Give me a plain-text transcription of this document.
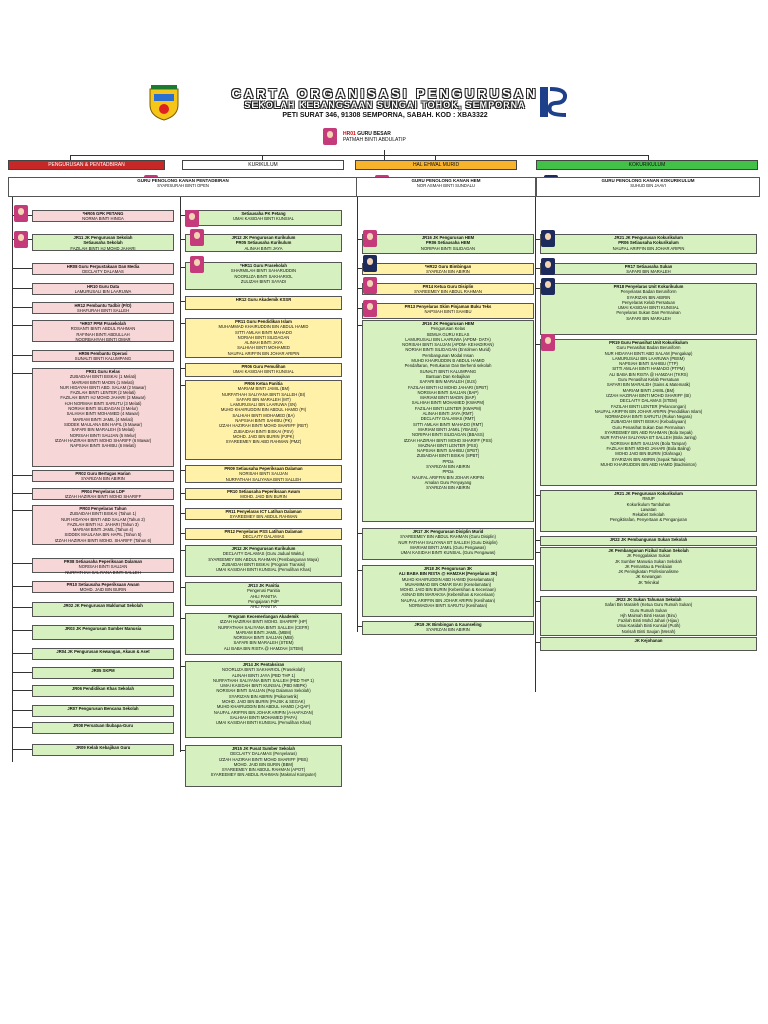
CARTA ORGANISASI PENGURUSAN
SEKOLAH KEBANGSAAN SUNGAI TOHOK, SEMPORNA
PETI SURAT 346, 91308 SEMPORNA, SABAH. KOD : XBA3322
HR01 GURU BESAR
PATMAH BINTI ABDULATIP
PENGURUSAN & PENTADBIRAN	KURIKULUM	HAL EHWAL MURID	KOKURIKULUM
GURU PENOLONG KANAN PENTADBIRAN
SYARISURAH BINTI OPEN
GURU PENOLONG KANAN HEM
NOR ASMAH BINTI SUNDALU
GURU PENOLONG KANAN KOKURIKULUM
SUHUD BIN JAAVI
*HR05 GPK PETANG
NORMA BINTI HINGA
JR11 JK Pengurusan Sekolah
Setiausaha Sekolah
FAZILAH BINTI HJ MOHD JAHARI
HR08 Guru Perpustakaan Dan Media
DECLAITY DALAMAS
HR10 Guru Data
LAMURUSALI BIN LAARUWA
HR12 Pembantu Tadbir (P/O)
SHAFURAH BINTI SALLEH
*HR07 PPM Prasekolah
ROSANTI BINTI ABDUL RAHMAN
RAFINAH BINTI ABDULLAH
NOORBAHYAH BINTI OMAR
HR06 Pembantu Operasi
SUNALTI BINTI KALUMPANG
PR01 Guru Kelas
ZUBAIDAH BINTI BISKAI (1 Melati)
MARIAM BINTI MADIN (1 Melati)
NUR HIDAYAH BINTI ABD. SALAM (2 Mawar)
FAZILAH BINTI LENTER (2 Melati)
FAZILAH BINTI HJ MOHD JAHARI (3 Mawar)
HJH NORMAH BINTI SARUTU (3 Melati)
NORIAH BINTI SILIDAGAN (3 Melur)
SALHIAH BINTI MOHAMED (4 Mawar)
MARIAM BINTI JAMIL (4 Melati)
SIDDEK MAULANA BIN HAPIL (5 Mawar)
SAFARI BIN MARALEH (5 Melati)
NORISAH BINTI SAUJAN (5 Melur)
IZZAH HAZIRAH BINTI MOHD SHARIFF (6 Mawar)
NAPSIAH BINTI SAHIBU (6 Melati)
PR02 Guru Bertugas Harian
SYARIZAN BIN ABIRIN
PR04 Penyelaras LDP
IZZAH HAZIRAH BINTI MOHD SHARIFF
PR03 Penyelaras Tahun
ZUBAIDAH BINTI BISKAI (Tahun 1)
NUR HIDAYAH BINTI ABD SALAM (Tahun 2)
FAZILAH BINTI HJ. JAHARI (Tahun 3)
MARIAM BINTI JAMIL (Tahun 4)
SIDDEK MAULANA BIN HAPIL (Tahun 5)
IZZAH HAZIRAH BINTI MOHD. SHARIFF (Tahun 6)
PR08 Setiausaha Peperiksaan Dalaman
NORISAH BINTI SAUJAN
NURFATHAH SALIYANA BINTI SALLEH
PR10 Setiausaha Peperiksaan Awam
MOHD. JAID BIN BURIN
JR02 JK Pengurusan Maklumat Sekolah
JR03 JK Pengurusan Sumber Manusia
JR04 JK Pengurusan Kewangan, Akaun & Aset
JR05 SKPM
JR06 Pendidikan Khas Sekolah
JR07 Pengurusan Bencana Sekolah
JR08 Persatuan Ibubapa-Guru
JR09 Kelab Kebajikan Guru
Setiausaha PK Petang
UMAI KASIDAH BINTI KUNSIAL
JR12 JK Pengurusan Kurikulum
PR05 Setiausaha Kurikulum
ALINAH BINTI JAYA
*HR11 Guru Prasekolah
SHARMILAH BINTI SAHARUDDIN
NOORLIZA BINTI SAKHARIOL
ZULIZAH BINTI SAYADI
HR12 Guru Akademik KSSR
PR11 Guru Pendidikan Islam
MUHAMMAD KHAIRUDDIN BIN ABDUL HAMID
SITTI AMLAH BINTI MAHADO
NORIAH BINTI SILIDAGAN
ALINAH BINTI JAYA
SALHIAH BINTI MOHAMED
NAUFAL ARIFFIN BIN JOHAR ARIPIN
PR06 Guru Pemulihan
UMAI KASIDAH BINTI KUNSIAL
PR06 Ketua Panitia
MARIAM BINTI JAMIL (BM)
NURFATHAH SALIYANA BINTI SALLEH (BI)
SAFARI BIN MARALEH (MT)
LAMURUSALI BIN LAARUWA (SN)
MUHD KHAIRUDDIN BIN ABDUL HAMID (PI)
SALHIAH BINTI MOHAMED (BA)
NAPSIAH BINTI SAHIBU (PK)
IZZAH HAZIRAH BINTI MOHD SHARIFF (RBT)
ZUBAIDAH BINTI BISKAI (PSV)
MOHD. JAID BIN BURIN (PJPK)
SYAREEMEY BIN ABD RAHMAN (PMZ)
PR09 Setiausaha Peperiksaan Dalaman
NORISAH BINTI SAUJAN
NURFATHAH SALIYANA BINTI SALLEH
PR10 Setiausaha Peperiksaan Awam
MOHD. JAID BIN BURIN
PR11 Penyelaras ICT Latihan Dalaman
SYAREEMEY BIN ABDUL RAHMAN
PR12 Penyelaras PSS Latihan Dalaman
DECLAITY DALAMAS
JR12 JK Pengurusan Kurikulum
DECLAITY DALAMAS (Guru Jadual Waktu)
SYAREEMEY BIN ABDUL RAHMAN (Pembangunan Maya)
ZUBAIDAH BINTI BISKAI (Program Transisi)
UMAI KASIDAH BINTI KUNSIAL (Pemulihan Khas)
JR13 JK Panitia
Pengerusi Panitia
AHLI PANITIA
Pengajaran PdP
AHLI PANITIA
Program Kecemerlangan Akademik
IZZAH HAZIRAH BINTI MOHD. SHARIFF (HP)
NURFATHAH SALIYANA BINTI SALLEH (CEFR)
MARIAM BINTI JAMIL (MBM)
NORISAH BINTI SAUJAN (MBI)
SAFARI BIN MARALEH (STEM)
ALI BABA BIN RISTA @ HAMZAH (STEM)
JR14 JK Pentaksiran
NOORLIZA BINTI SAKHARIOL (Prasekolah)
ALINAH BINTI JAYA (PBD THP 1)
NURFATHAH SALIYANA BINTI SALLEH (PBD THP 1)
UMAI KASIDAH BINTI KUNSIAL (PBD MBPK)
NORISAH BINTI SAUJAN (Pep Dalaman Sekolah)
SYARIZAN BIN ABIRIN (Psikometrik)
MOHD. JAID BIN BURIN (PAJSK & SEGAK)
MUHD KHAIRUDDIN BIN ABDUL HAMID (J-QAF)
NAUFAL ARIFFIN BIN JOHAR ARIPIN (A-HAFAZAN)
SALHIAH BINTI MOHAMED (PAFA)
UMAI KASIDAH BINTI KUNSIAL (Pemulihan Khas)
JR15 JK Pusat Sumber Sekolah
DECLAITY DALAMAS (Penyelaras)
IZZAH HAZIRAH BINTI MOHD SHARIFF (PBS)
MOHD. JAID BIN BURIN (BBM)
SYAREEMEY BIN ABDUL RAHMAN (APOT)
SYAREEMEY BIN ABDUL RAHMAN (Makmal Komputer)
JR16 JK Pengurusan HEM
PR06 Setiausaha HEM
NORIPAH BINTI SILIDAGAN
*HR22 Guru Bimbingan
SYARIZAN BIN ABIRIN
PR14 Ketua Guru Disiplin
SYAREEMEY BIN ABDUL RAHMAN
PR13 Penyelaras Skim Pinjaman Buku Teks
NAPSIAH BINTI SAHIBU
JR16 JK Pengurusan HEM
Pengurusan Kelas
SEMUA GURU KELAS
LAMURUSALI BIN LAARUWA (APDM- DATA)
NORISAH BINTI SAUJAN (APDM- KEHADIRAN)
NORIAH BINTI SILIDAGAN (Enrolmen Murid)
Pembangunan Modal Insan
MUHD KHAIRUDDIN B ABDUL HAMID
Pendaftaran, Pertukaran Dan Berhenti sekolah
SUNALTI BINTI KALUMPANG
Bantuan Dan Kebajikan
SAFARI BIN MARALEH (SUS)
FAZILAH BINTI HJ MOHD JAHARI (SPBT)
NORISAH BINTI SAUJAN (BAP)
MARIAM BINTI MADIN (BAP)
SALHIAH BINTI MOHAMED (KWAPM)
FAZILAH BINTI LENTER (KWAPM)
ALINAH BINTI JAYA (RMT)
DECLAITY DALAMAS (RMT)
SITTI AMLAH BINTI MAHADO (RMT)
MARIAM BINTI JAMIL (YBASS)
NORIPAH BINTI SILIDAGAN (BBASS)
IZZAH HAZIRAH BINTI MOHD SHARIFF (PSS)
MAZNAH BINTI LENTER (PSS)
NAPSIAH BINTI SAHIBU (SPBT)
ZUBAIDAH BINTI BISKAI (SPBT)
PPDa
SYARIZAN BIN ABIRIN
PPDa
NAUFAL ARIFFIN BIN JOHAR ARIPIN
Amalan Guru Penyayang
SYARIZAN BIN ABIRIN
JR17 JK Pengurusan Disiplin Murid
SYAREEMEY BIN ABDUL RAHMAN (Guru Disiplin)
NUR FATHAH SALIYANA BT SALLEH (Guru Disiplin)
MARIAM BINTI JAMIL (Guru Pengawas)
UMAI KASIDAH BINTI KUNSIAL (Guru Pengawas)
JR18 JK Pengurusan 3K
ALI BABA BIN RISTA @ HAMZAH (Penyelaras 3K)
MUHD KHAIRUDDIN ABD HAMID (Keselamatan)
MUHAMMAD BIN OMAR BAKI (Keselamatan)
MOHD. JAID BIN BURIN (Kebersihan & Keceriaan)
ASNAD BIN MARAKSA (Kebersihan & Keceriaan)
NAUFAL ARIFFIN BIN JOHAR ARIPIN (Kesihatan)
NORMADIAH BINTI SARUTU (Kesihatan)
JR19 JK Bimbingan & Kaunseling
SYARIZAN BIN ABIRIN
JR21 JK Pengurusan Kokurikulum
PR06 Setiausaha Kokurikulum
NAUFAL ARIFFIN BIN JOHAR ARIPIN
PR17 Setiausaha Sukan
SAFARI BIN MARALEH
PR18 Penyelaras Unit Kokurikulum
Penyelaras Badan Beruniform
SYARIZAN BIN ABIRIN
Penyelaras Kelab Persatuan
UMAI KASIDAH BINTI KUNSIAL
Penyelaras Sukan Dan Permainan
SAFARI BIN MARALEH
PR19 Guru Penasihat Unit Kokurikulum
Guru Penasihat Badan Beruniform
NUR HIDAYAH BINTI ABD SALAM (Pengakap)
LAMURUSALI BIN LAARUWA (PBSM)
NAPSIAH BINTI SAHIBU (TTP)
SITTI AMLAH BINTI HAMADO (PTPM)
ALI BABA BIN RISTA @ HAMZAH (TKRS)
Guru Penasihat Kelab Persatuan
SAFARI BIN MARALEH (Sains & Matematik)
MARIAM BINTI JAMIL (BM)
IZZAH HAZIRAH BINTI MOHD SHARIFF (BI)
DECLAITY DALAMAS (STEM)
FAZILAH BINTI LENTER (Pelancongan)
NAUFAL ARIFFIN BIN JOHAR ARIPIN (Pendidikan Islam)
NORMADIAH BINTI SARUTU (Rukun Negara)
ZUBAIDAH BINTI BISKAI (Kebudayaan)
Guru Penasihat Sukan Dan Permainan
SYAREEMEY BIN ABD RAHMAN (Bola Sepak)
NUR FATHAH SALIYANA BT SALLEH (Bola Jaring)
NORISAH BINTI SAUJAN (Bola Tampar)
FAZILAH BINTI MOHD JAHARI (Bola Baling)
MOHD JAID BIN BURIN (Olahraga)
SYARIZAN BIN ABIRIN (Sepak Takraw)
MUHD KHAIRUDDIN BIN ABD HAMID (Badminton)
JR21 JK Pengurusan Kokurikulum
RMUP
Kokurikulum Tambahan
Lawatan
Rekabet Sekolah
Pengiktirafan, Penyertaan & Penganjuran
JR22 JK Pembangunan Sukan Sekolah
JK Pembangunan Fizikal Sukan Sekolah
JK Penggalakan Sukan
JK Sumber Manusia Sukan Sekolah
JK Pemantau & Penilaian
JK Peningkatan Profesionalisme
JK Kewangan
JK Teknikal
JR23 JK Sukan Tahunan Sekolah
Safari Bin Maraleh (Ketua Guru Rumah Sukan)
Guru Rumah Sukan
Hjh Maimah Binti Hasan (Biru)
Fazilah Binti Mohd Jahari (Hijau)
Umai Kasidah Binti Kunsial (Putih)
Norisah Binti Saujan (Merah)
JK Kejohanan
